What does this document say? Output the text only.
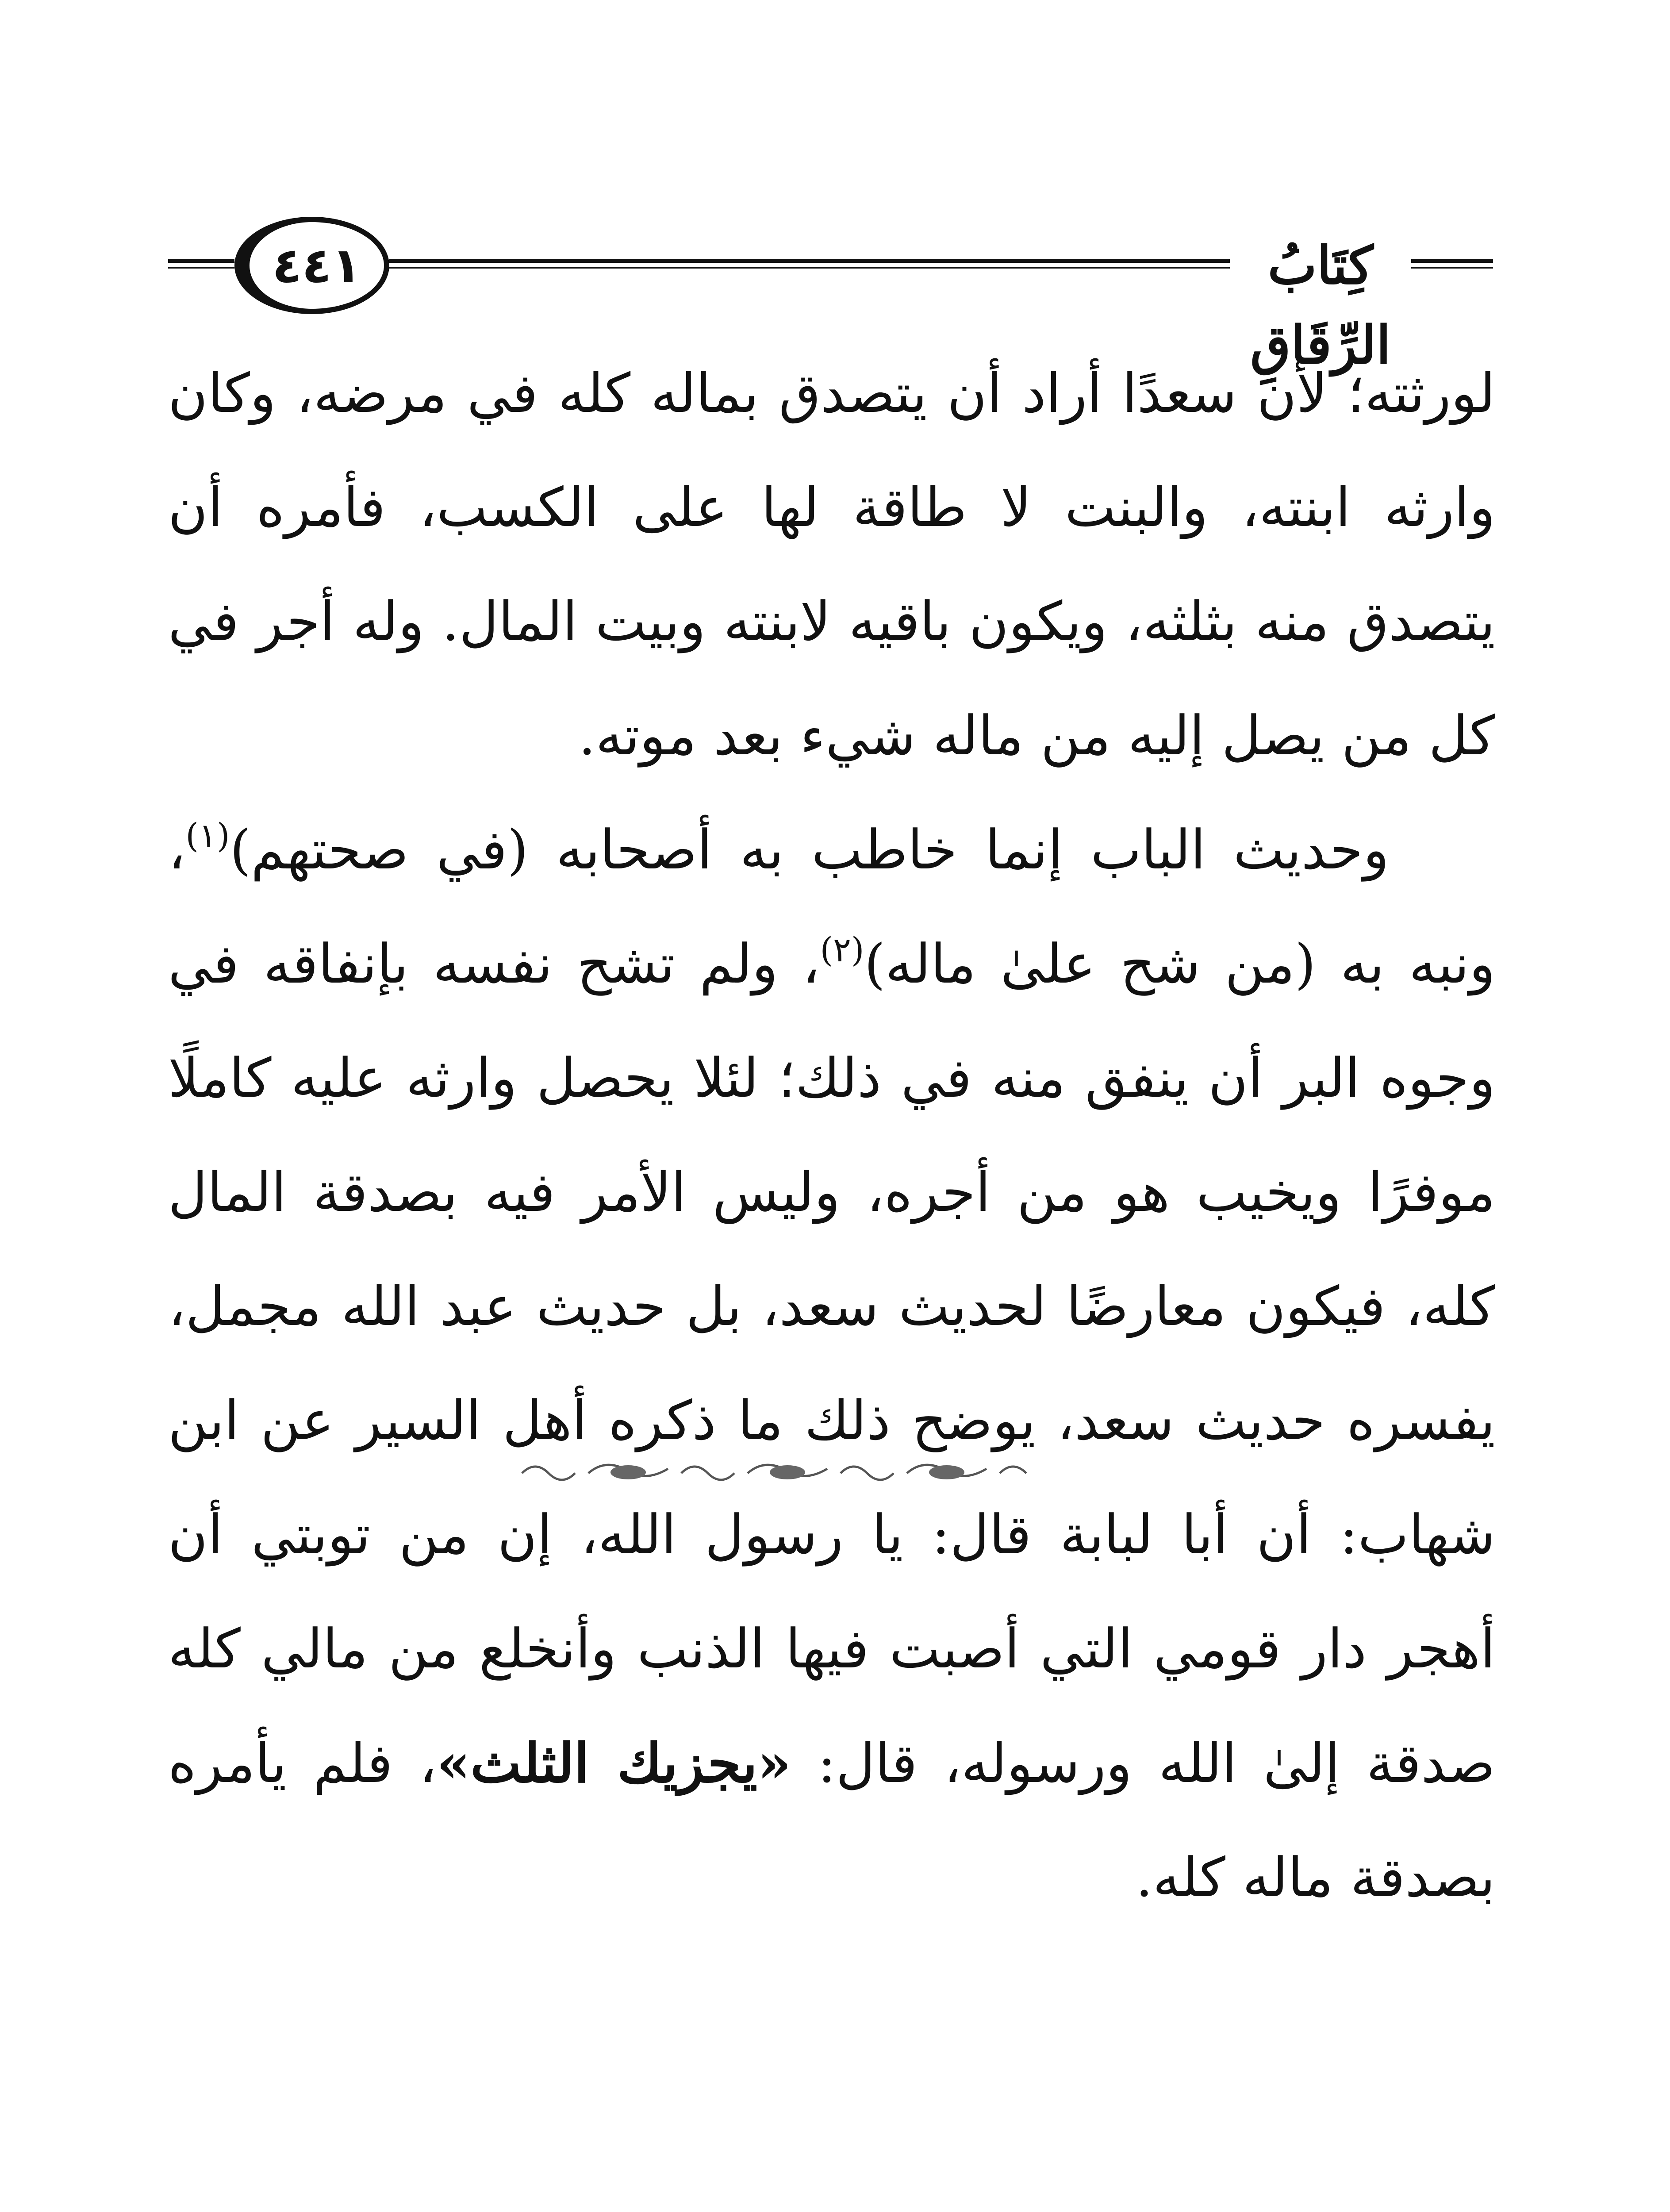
٤٤١	كِتَابُ الرِّقَاقِ

لورثته؛ لأن سعدًا أراد أن يتصدق بماله كله في مرضه، وكان وارثه ابنته، والبنت لا طاقة لها على الكسب، فأمره أن يتصدق منه بثلثه، ويكون باقيه لابنته وبيت المال. وله أجر في كل من يصل إليه من ماله شيء بعد موته.

وحديث الباب إنما خاطب به أصحابه (في صحتهم)$^{(١)}$، ونبه به (من شح علىٰ ماله)$^{(٢)}$، ولم تشح نفسه بإنفاقه في وجوه البر أن ينفق منه في ذلك؛ لئلا يحصل وارثه عليه كاملًا موفرًا ويخيب هو من أجره، وليس الأمر فيه بصدقة المال كله، فيكون معارضًا لحديث سعد، بل حديث عبد الله مجمل، يفسره حديث سعد، يوضح ذلك ما ذكره أهل السير عن ابن شهاب: أن أبا لبابة قال: يا رسول الله، إن من توبتي أن أهجر دار قومي التي أصبت فيها الذنب وأنخلع من مالي كله صدقة إلىٰ الله ورسوله، قال: «يجزيك الثلث»، فلم يأمره بصدقة ماله كله.
